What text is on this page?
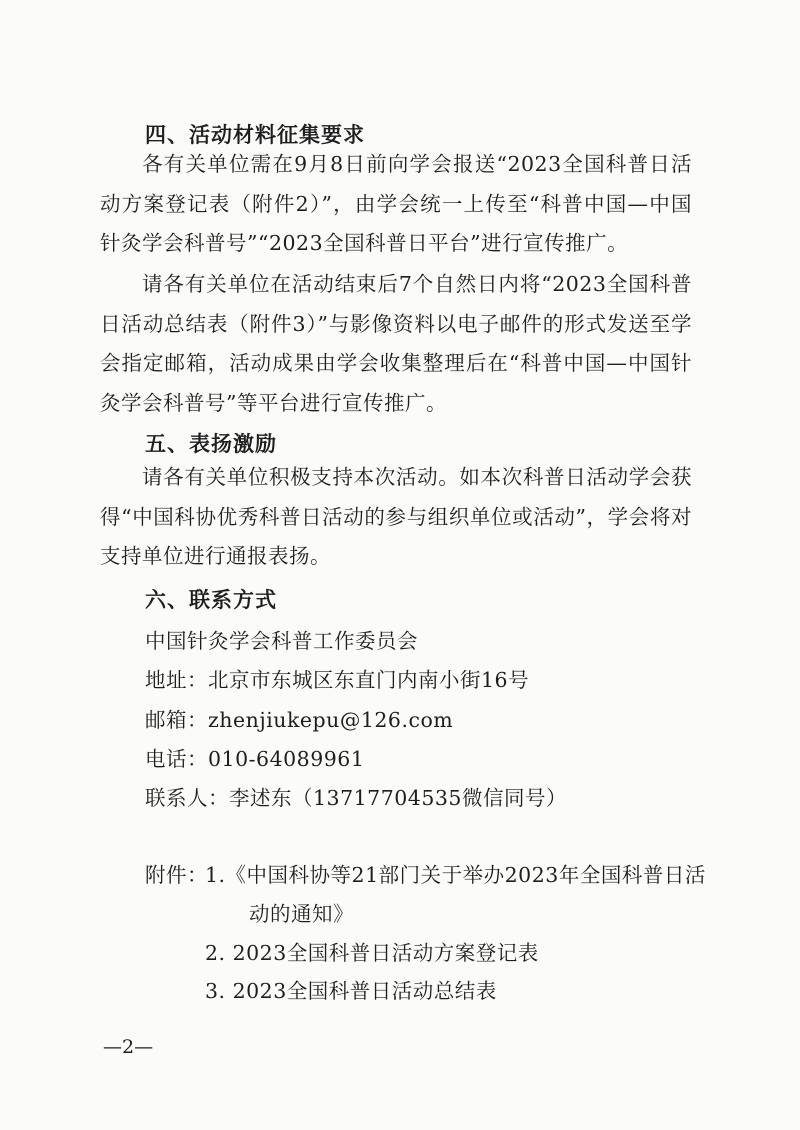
四、活动材料征集要求
各有关单位需在9月8日前向学会报送“2023全国科普日活动方案登记表（附件2）”，由学会统一上传至“科普中国—中国针灸学会科普号”“2023全国科普日平台”进行宣传推广。
请各有关单位在活动结束后7个自然日内将“2023全国科普日活动总结表（附件3）”与影像资料以电子邮件的形式发送至学会指定邮箱，活动成果由学会收集整理后在“科普中国—中国针灸学会科普号”等平台进行宣传推广。
五、表扬激励
请各有关单位积极支持本次活动。如本次科普日活动学会获得“中国科协优秀科普日活动的参与组织单位或活动”，学会将对支持单位进行通报表扬。
六、联系方式
中国针灸学会科普工作委员会
地址：北京市东城区东直门内南小街16号
邮箱：zhenjiukepu@126.com
电话：010-64089961
联系人：李述东（13717704535微信同号）
附件：
1.《中国科协等21部门关于举办2023年全国科普日活
动的通知》
2. 2023全国科普日活动方案登记表
3. 2023全国科普日活动总结表
—2—
